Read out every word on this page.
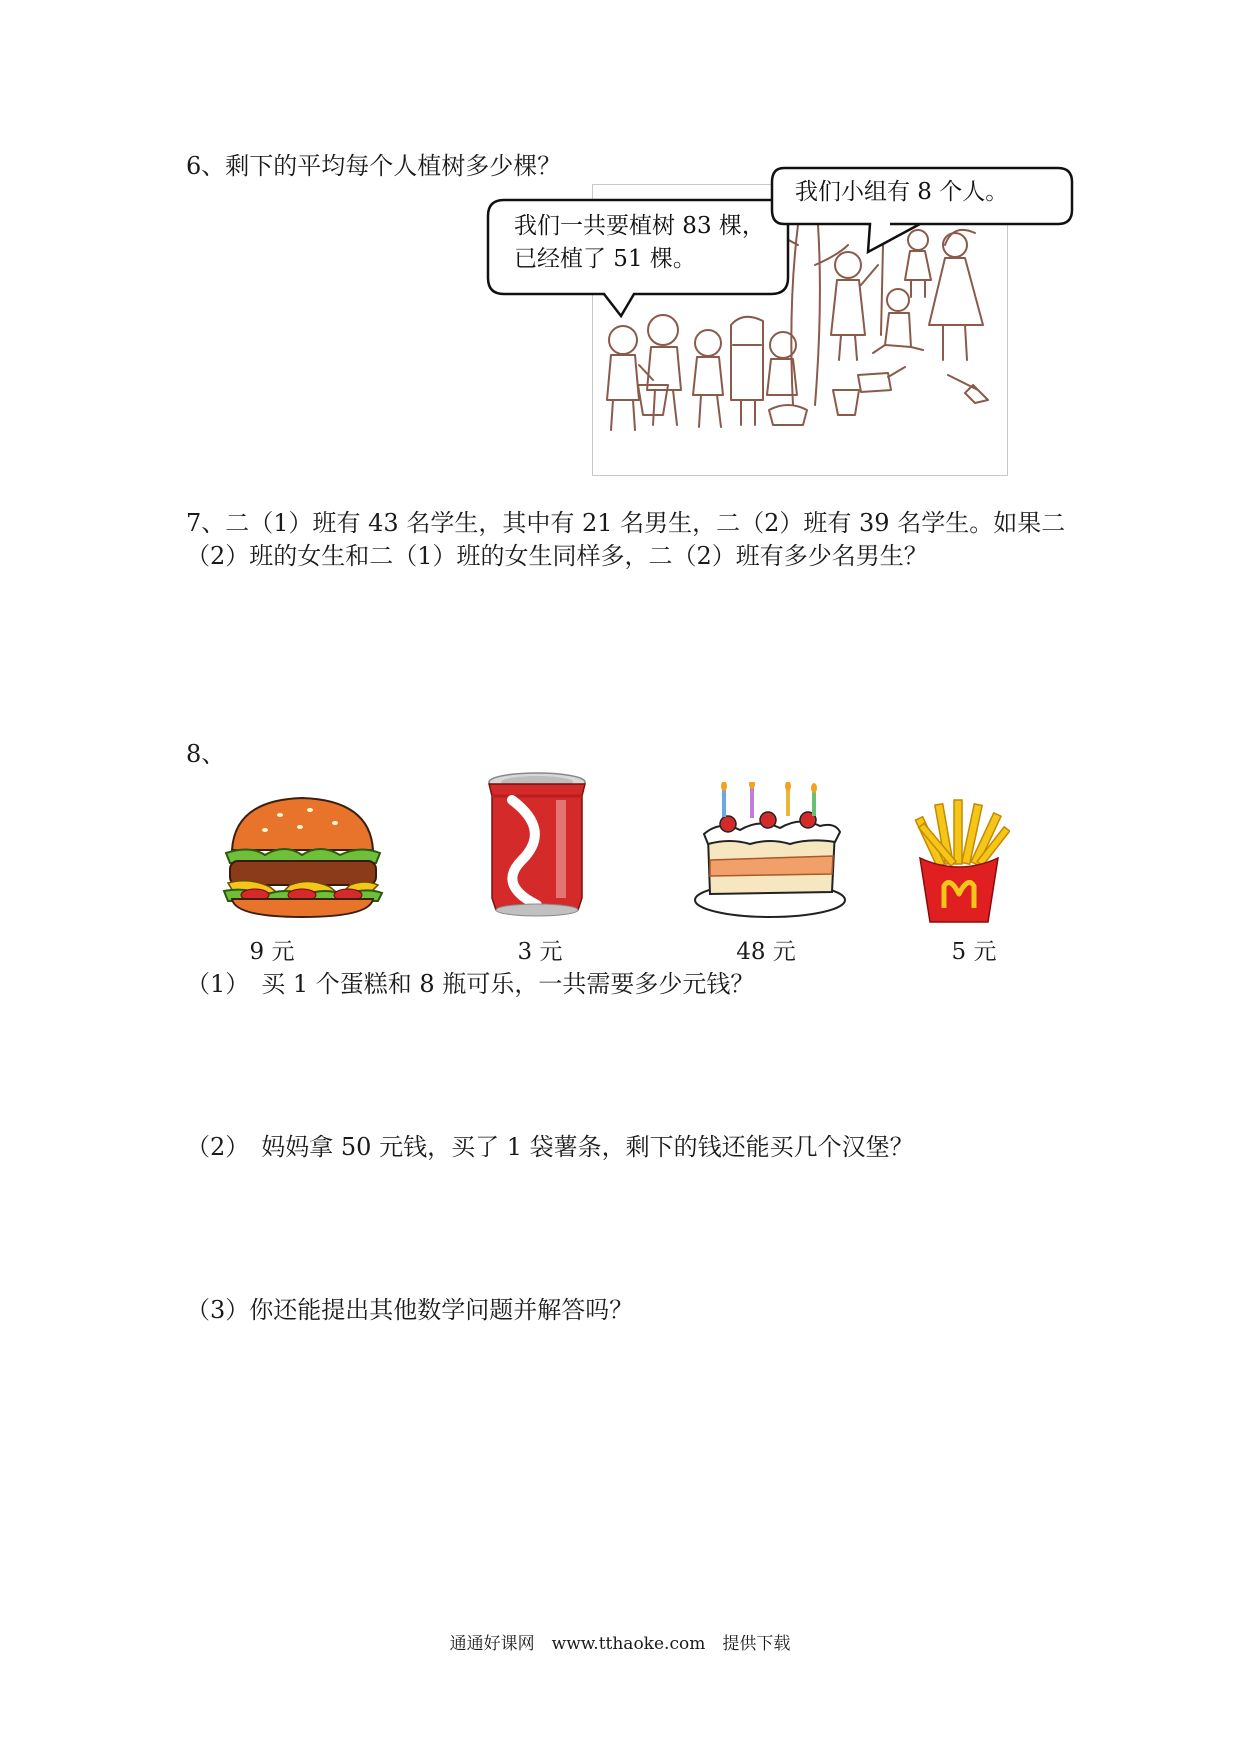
6、剩下的平均每个人植树多少棵？
我们一共要植树 83 棵，
已经植了 51 棵。
我们小组有 8 个人。
7、二（1）班有 43 名学生，其中有 21 名男生，二（2）班有 39 名学生。如果二（2）班的女生和二（1）班的女生同样多，二（2）班有多少名男生？
8、
9 元	3 元	48 元	5 元
（1）　买 1 个蛋糕和 8 瓶可乐，一共需要多少元钱？
（2）　妈妈拿 50 元钱，买了 1 袋薯条，剩下的钱还能买几个汉堡？
（3）你还能提出其他数学问题并解答吗？
通通好课网　www.tthaoke.com　提供下载
